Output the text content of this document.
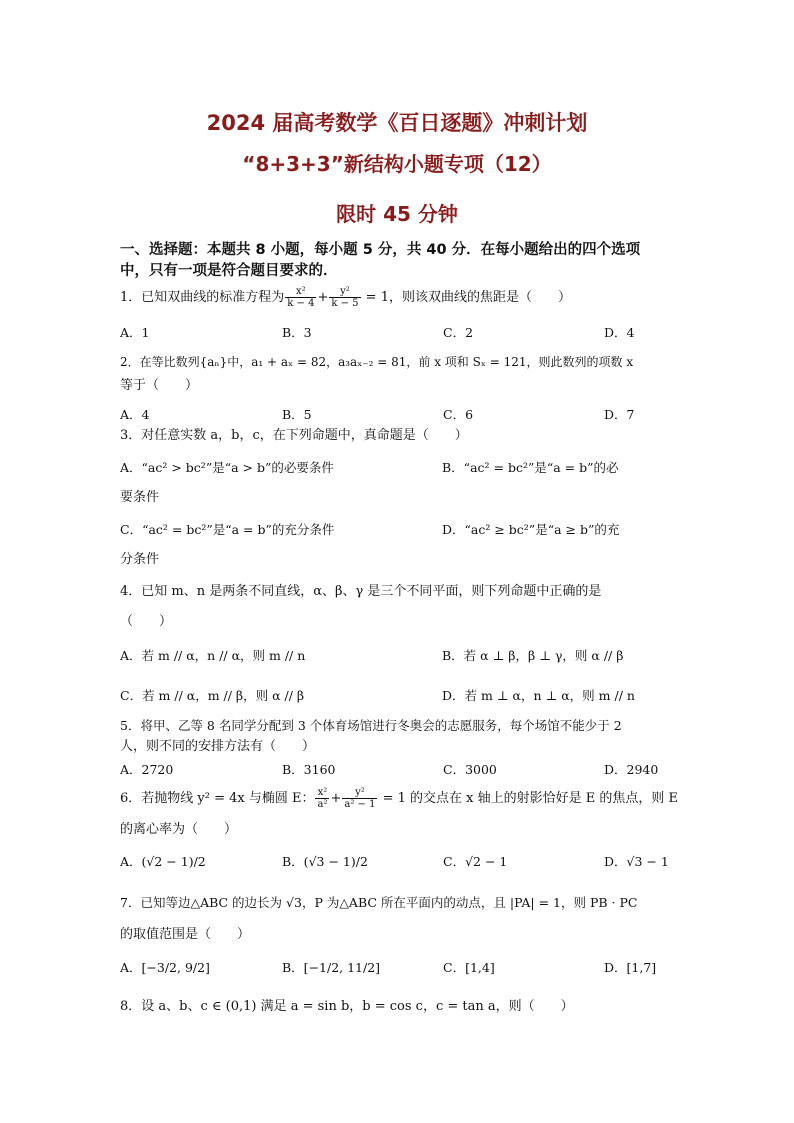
2024 届高考数学《百日逐题》冲刺计划
“8+3+3”新结构小题专项（12）
限时 45 分钟
一、选择题：本题共 8 小题，每小题 5 分，共 40 分．在每小题给出的四个选项
中，只有一项是符合题目要求的．
1．已知双曲线的标准方程为 $\frac{\text{x²}}{k - 4} + \frac{\text{y²}}{k - 5} = 1$，则该双曲线的焦距是（　　）
A．1	B．3	C．2	D．4
2．在等比数列{aₙ}中，a₁ + aₓ = 82，a₃aₓ₋₂ = 81，前 x 项和 Sₓ = 121，则此数列的项数 x
等于（　　）
A．4	B．5	C．6	D．7
3．对任意实数 a，b，c，在下列命题中，真命题是（　　）
A．“ac² > bc²”是“a > b”的必要条件	B．“ac² = bc²”是“a = b”的必
要条件
C．“ac² = bc²”是“a = b”的充分条件	D．“ac² ≥ bc²”是“a ≥ b”的充
分条件
4．已知 m、n 是两条不同直线，α、β、γ 是三个不同平面，则下列命题中正确的是
（　　）
A．若 m // α，n // α，则 m // n	B．若 α ⊥ β，β ⊥ γ，则 α // β
C．若 m // α，m // β，则 α // β	D．若 m ⊥ α，n ⊥ α，则 m // n
5．将甲、乙等 8 名同学分配到 3 个体育场馆进行冬奥会的志愿服务，每个场馆不能少于 2
人，则不同的安排方法有（　　）
A．2720	B．3160	C．3000	D．2940
6．若抛物线 y² = 4x 与椭圆 E： $\frac{\text{x²}}{\text{a²}} + \frac{\text{y²}}{\text{a² − 1}} = 1$ 的交点在 x 轴上的射影恰好是 E 的焦点，则 E
的离心率为（　　）
A．(√2 − 1)/2	B．(√3 − 1)/2	C．√2 − 1	D．√3 − 1
7．已知等边△ABC 的边长为 √3，P 为△ABC 所在平面内的动点，且 |PA| = 1，则 PB · PC
的取值范围是（　　）
A．[−3/2, 9/2]	B．[−1/2, 11/2]	C．[1,4]	D．[1,7]
8．设 a、b、c ∈ (0,1) 满足 a = sin b，b = cos c，c = tan a，则（　　）
